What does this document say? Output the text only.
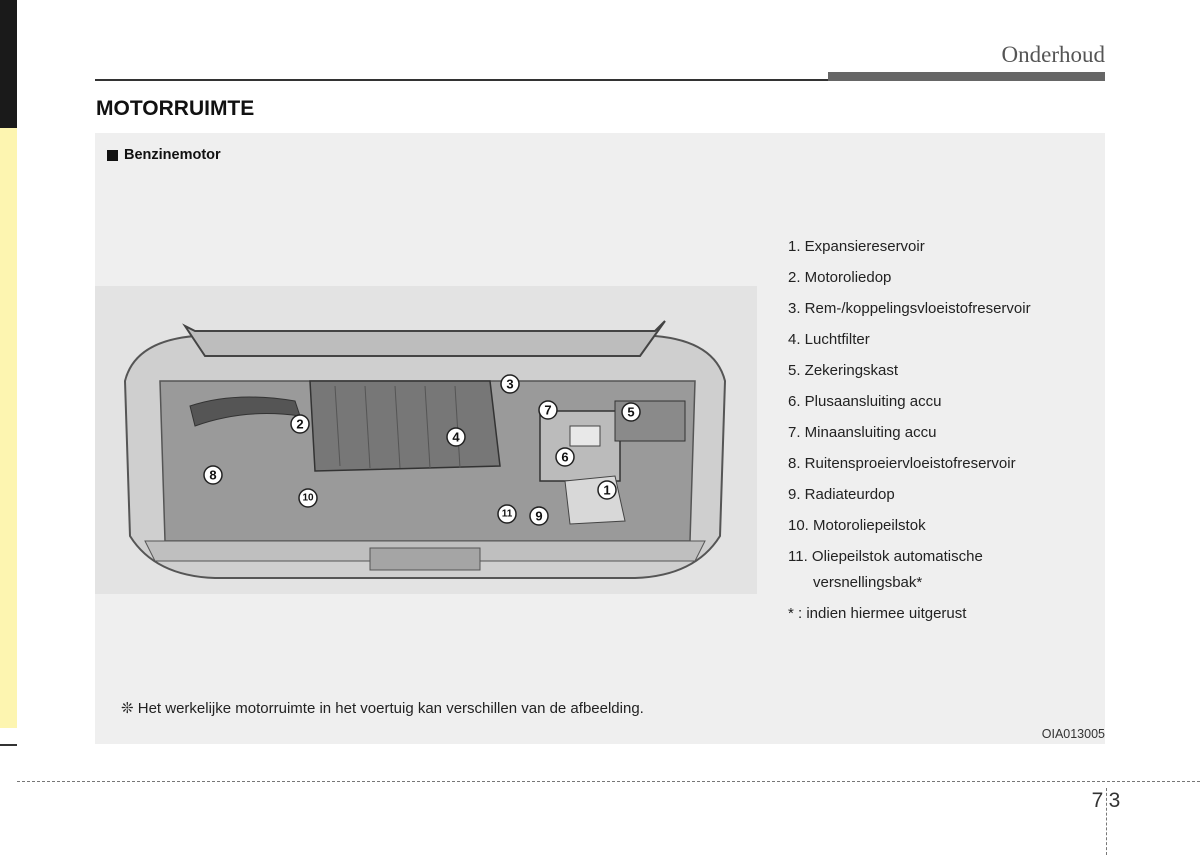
Onderhoud
MOTORRUIMTE
Benzinemotor
1
2
3
4
5
6
7
8
9
10
11
1. Expansiereservoir
2. Motoroliedop
3. Rem-/koppelingsvloeistofreservoir
4. Luchtfilter
5. Zekeringskast
6. Plusaansluiting accu
7. Minaansluiting accu
8. Ruitensproeiervloeistofreservoir
9. Radiateurdop
10. Motoroliepeilstok
11. Oliepeilstok automatische
versnellingsbak*
* : indien hiermee uitgerust
❊ Het werkelijke motorruimte in het voertuig kan verschillen van de afbeelding.
OIA013005
7 3
